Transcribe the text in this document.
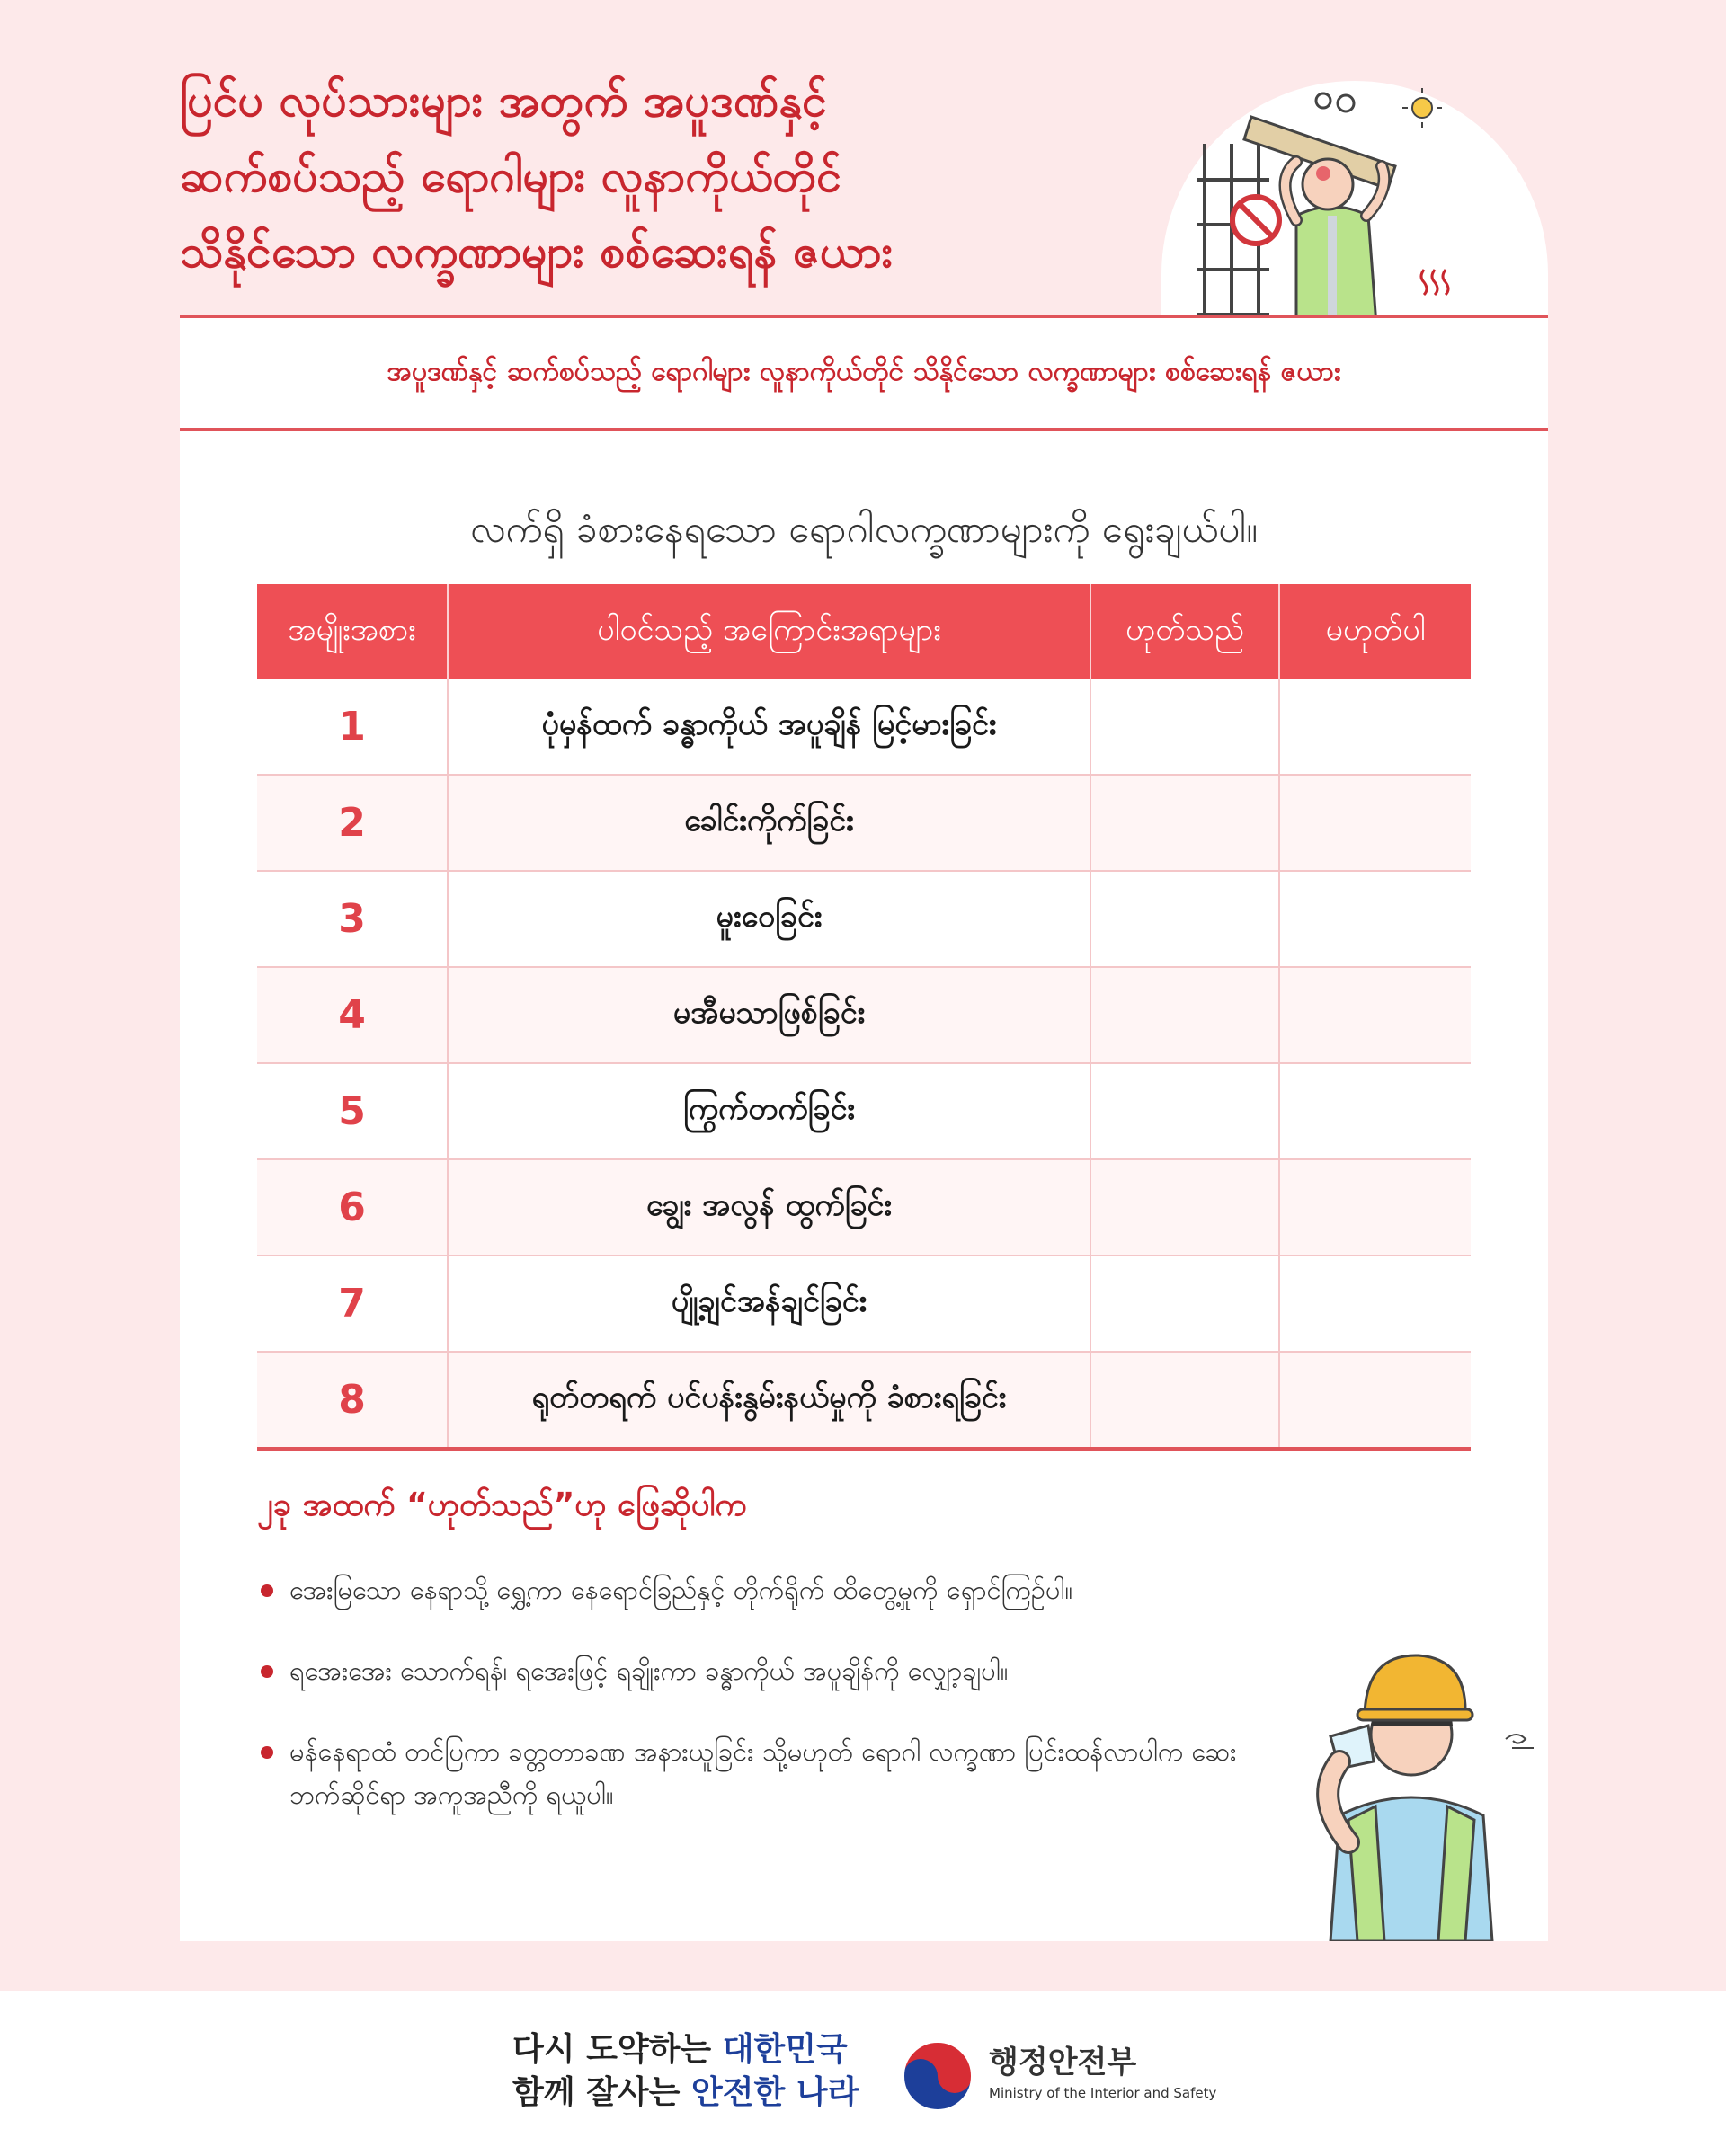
ပြင်ပ လုပ်သားများ အတွက် အပူဒဏ်နှင့်
ဆက်စပ်သည့် ရောဂါများ လူနာကိုယ်တိုင်
သိနိုင်သော လက္ခဏာများ စစ်ဆေးရန် ဇယား
အပူဒဏ်နှင့် ဆက်စပ်သည့် ရောဂါများ လူနာကိုယ်တိုင် သိနိုင်သော လက္ခဏာများ စစ်ဆေးရန် ဇယား
လက်ရှိ ခံစားနေရသော ရောဂါလက္ခဏာများကို ရွေးချယ်ပါ။
အမျိုးအစား	ပါဝင်သည့် အကြောင်းအရာများ	ဟုတ်သည်	မဟုတ်ပါ
1	ပုံမှန်ထက် ခန္ဓာကိုယ် အပူချိန် မြင့်မားခြင်း		
2	ခေါင်းကိုက်ခြင်း		
3	မူးဝေခြင်း		
4	မအီမသာဖြစ်ခြင်း		
5	ကြွက်တက်ခြင်း		
6	ချွေး အလွန် ထွက်ခြင်း		
7	ပျို့ချင်အန်ချင်ခြင်း		
8	ရုတ်တရက် ပင်ပန်းနွမ်းနယ်မှုကို ခံစားရခြင်း		
၂ခု အထက် “ဟုတ်သည်”ဟု ဖြေဆိုပါက
အေးမြသော နေရာသို့ ရွှေ့ကာ နေရောင်ခြည်နှင့် တိုက်ရိုက် ထိတွေ့မှုကို ရှောင်ကြဉ်ပါ။
ရအေးအေး သောက်ရန်၊ ရအေးဖြင့် ရချိုးကာ ခန္ဓာကိုယ် အပူချိန်ကို လျှော့ချပါ။
မန်နေရာထံ တင်ပြကာ ခတ္တတာခဏ အနားယူခြင်း သို့မဟုတ် ရောဂါ လက္ခဏာ ပြင်းထန်လာပါက ဆေးဘက်ဆိုင်ရာ အကူအညီကို ရယူပါ။
다시 도약하는 대한민국
함께 잘사는 안전한 나라
행정안전부
Ministry of the Interior and Safety
